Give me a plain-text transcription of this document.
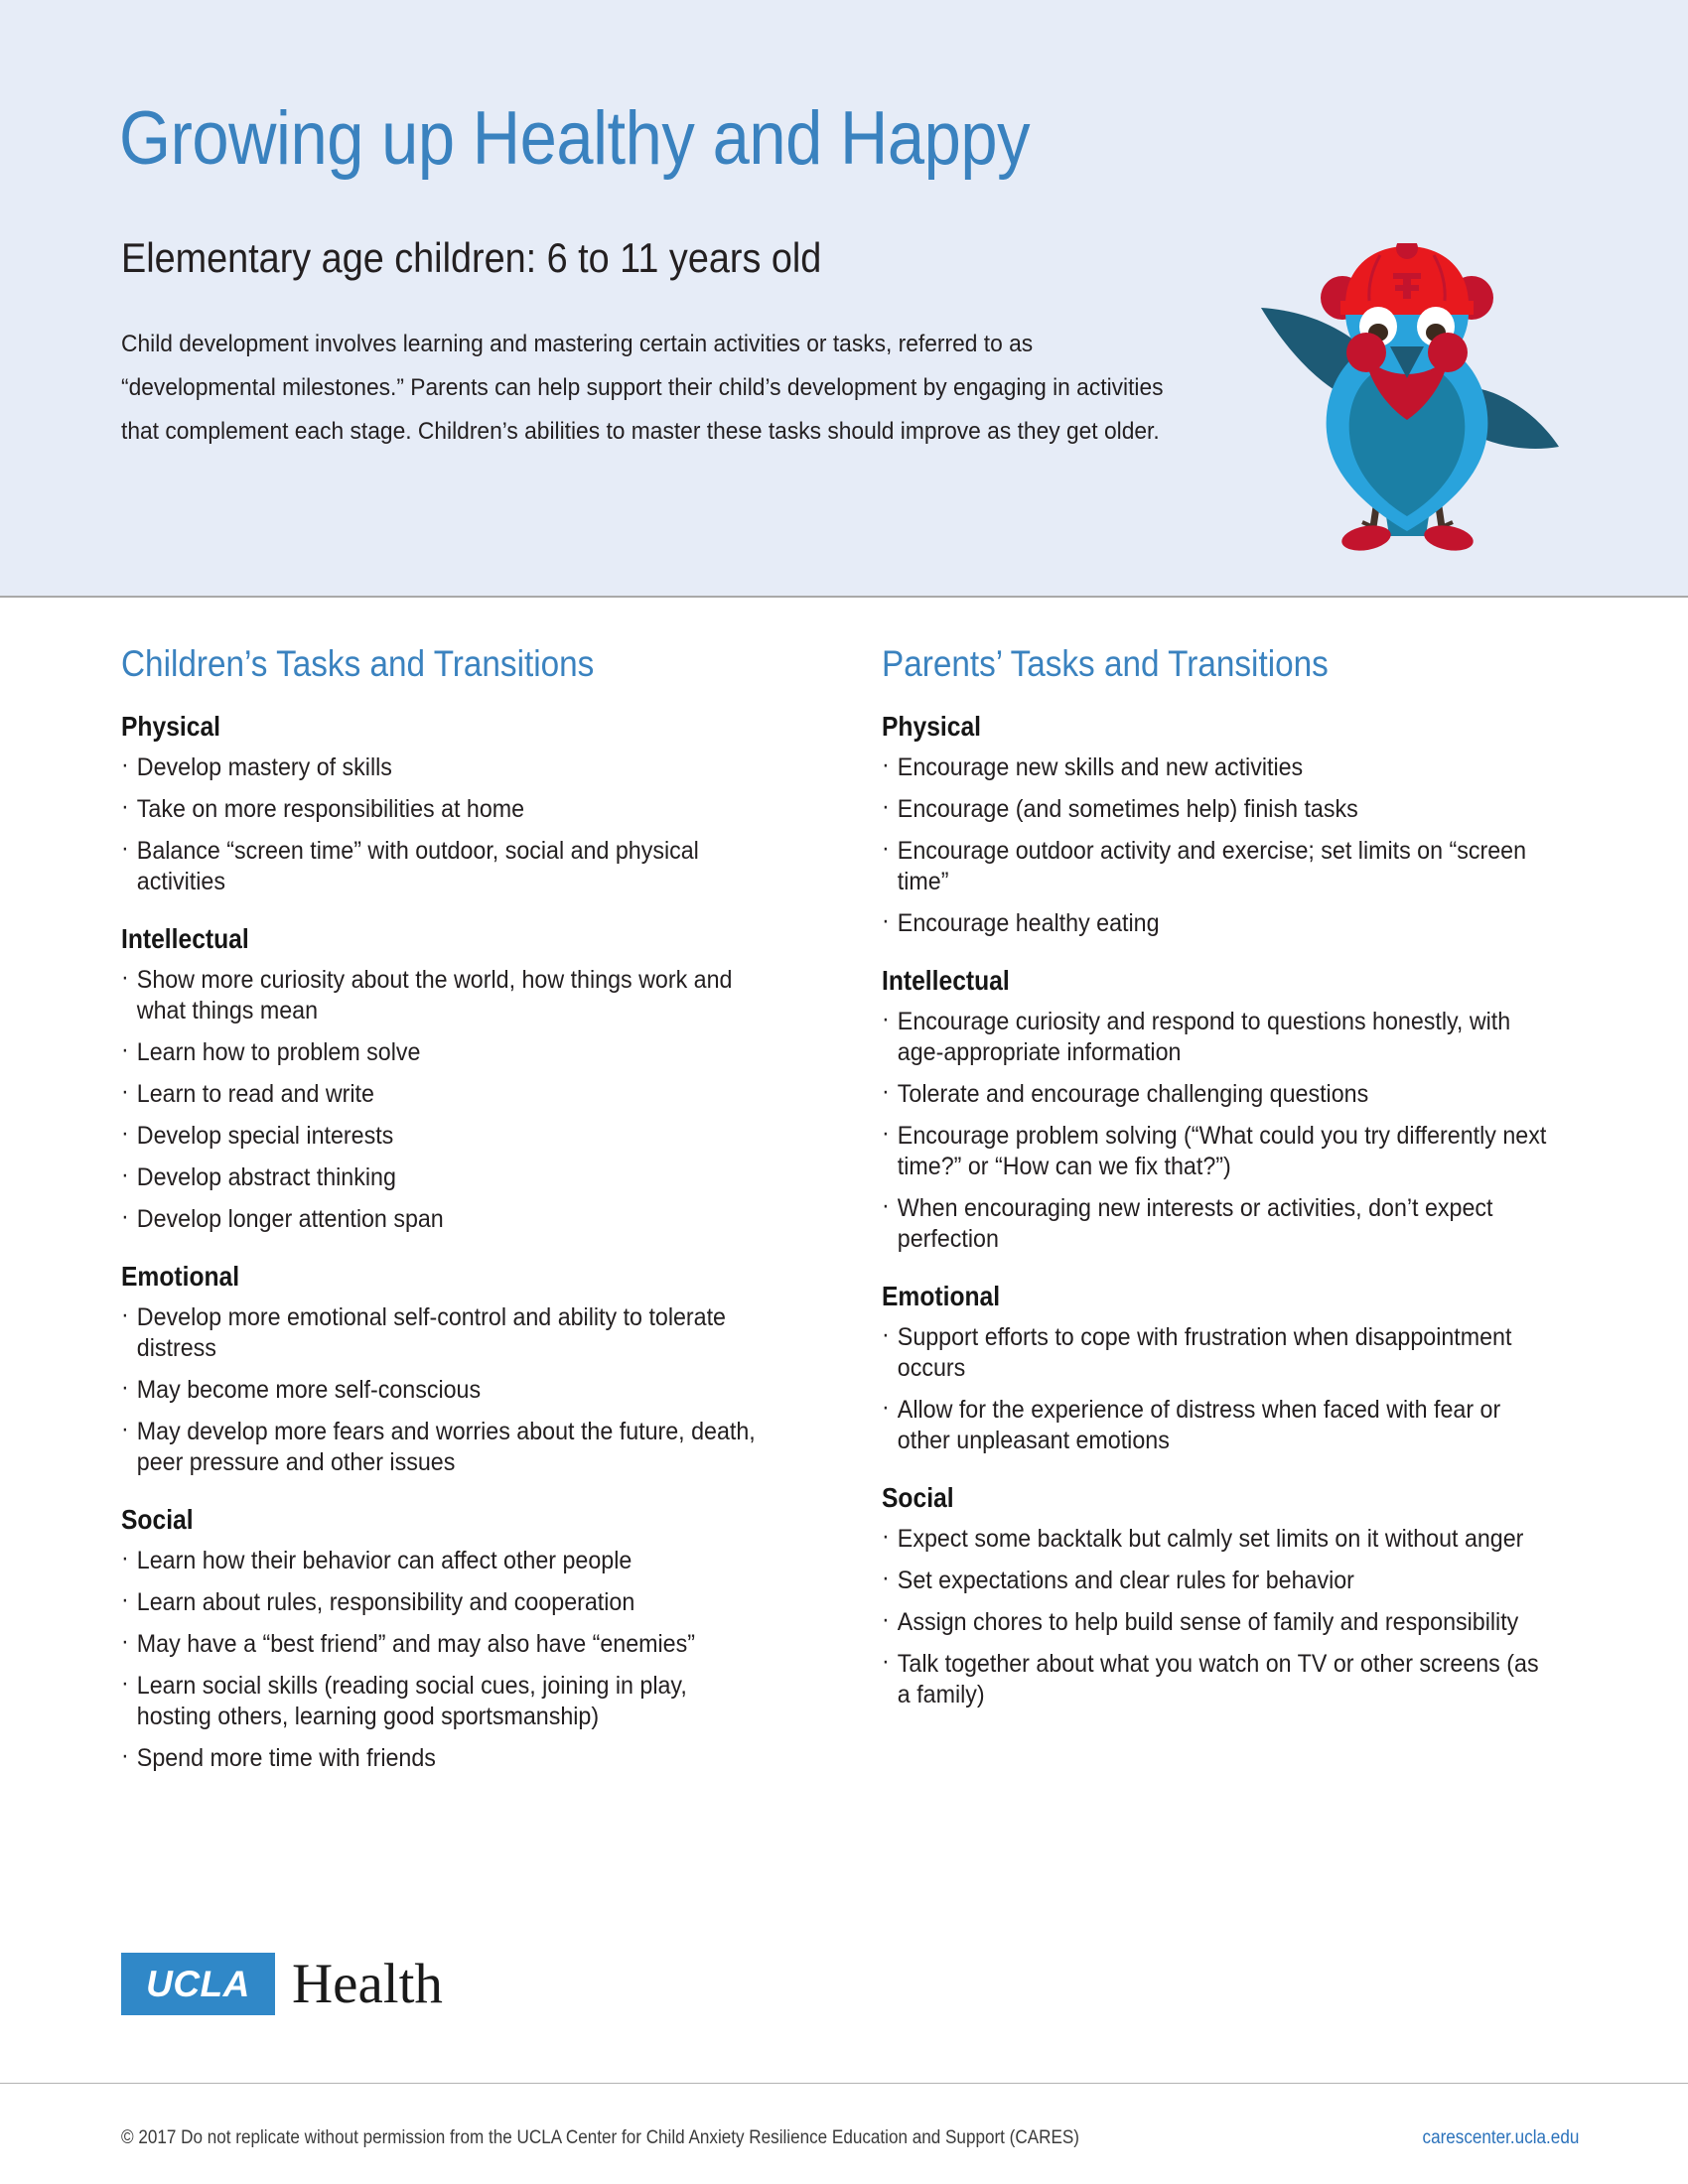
Growing up Healthy and Happy
Elementary age children: 6 to 11 years old
Child development involves learning and mastering certain activities or tasks, referred to as “developmental milestones.” Parents can help support their child’s development by engaging in activities that complement each stage. Children’s abilities to master these tasks should improve as they get older.
Children’s Tasks and Transitions
Physical
· Develop mastery of skills
· Take on more responsibilities at home
· Balance “screen time” with outdoor, social and physical activities
Intellectual
· Show more curiosity about the world, how things work and what things mean
· Learn how to problem solve
· Learn to read and write
· Develop special interests
· Develop abstract thinking
· Develop longer attention span
Emotional
· Develop more emotional self-control and ability to tolerate distress
· May become more self-conscious
· May develop more fears and worries about the future, death, peer pressure and other issues
Social
· Learn how their behavior can affect other people
· Learn about rules, responsibility and cooperation
· May have a “best friend” and may also have “enemies”
· Learn social skills (reading social cues, joining in play, hosting others, learning good sportsmanship)
· Spend more time with friends
Parents’ Tasks and Transitions
Physical
· Encourage new skills and new activities
· Encourage (and sometimes help) finish tasks
· Encourage outdoor activity and exercise; set limits on “screen time”
· Encourage healthy eating
Intellectual
· Encourage curiosity and respond to questions honestly, with age-appropriate information
· Tolerate and encourage challenging questions
· Encourage problem solving (“What could you try differently next time?” or “How can we fix that?”)
· When encouraging new interests or activities, don’t expect perfection
Emotional
· Support efforts to cope with frustration when disappointment occurs
· Allow for the experience of distress when faced with fear or other unpleasant emotions
Social
· Expect some backtalk but calmly set limits on it without anger
· Set expectations and clear rules for behavior
· Assign chores to help build sense of family and responsibility
· Talk together about what you watch on TV or other screens (as a family)
UCLA Health
© 2017 Do not replicate without permission from the UCLA Center for Child Anxiety Resilience Education and Support (CARES)	carescenter.ucla.edu
